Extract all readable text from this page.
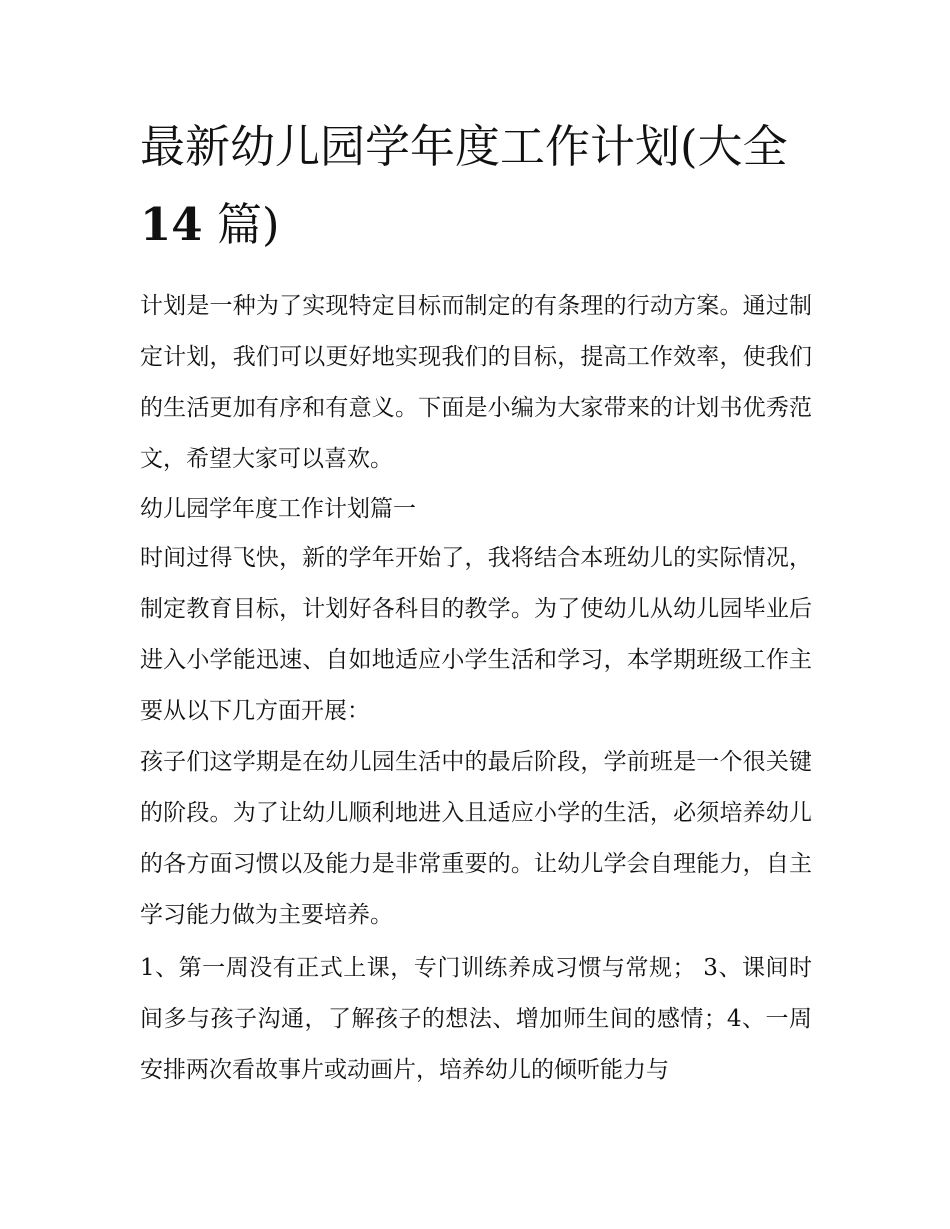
最新幼儿园学年度工作计划(大全14 篇)

计划是一种为了实现特定目标而制定的有条理的行动方案。通过制定计划，我们可以更好地实现我们的目标，提高工作效率，使我们的生活更加有序和有意义。下面是小编为大家带来的计划书优秀范文，希望大家可以喜欢。

幼儿园学年度工作计划篇一

时间过得飞快，新的学年开始了，我将结合本班幼儿的实际情况，制定教育目标，计划好各科目的教学。为了使幼儿从幼儿园毕业后进入小学能迅速、自如地适应小学生活和学习，本学期班级工作主要从以下几方面开展：

孩子们这学期是在幼儿园生活中的最后阶段，学前班是一个很关键的阶段。为了让幼儿顺利地进入且适应小学的生活，必须培养幼儿的各方面习惯以及能力是非常重要的。让幼儿学会自理能力，自主学习能力做为主要培养。

1、第一周没有正式上课，专门训练养成习惯与常规； 3、课间时间多与孩子沟通，了解孩子的想法、增加师生间的感情；4、一周安排两次看故事片或动画片，培养幼儿的倾听能力与
